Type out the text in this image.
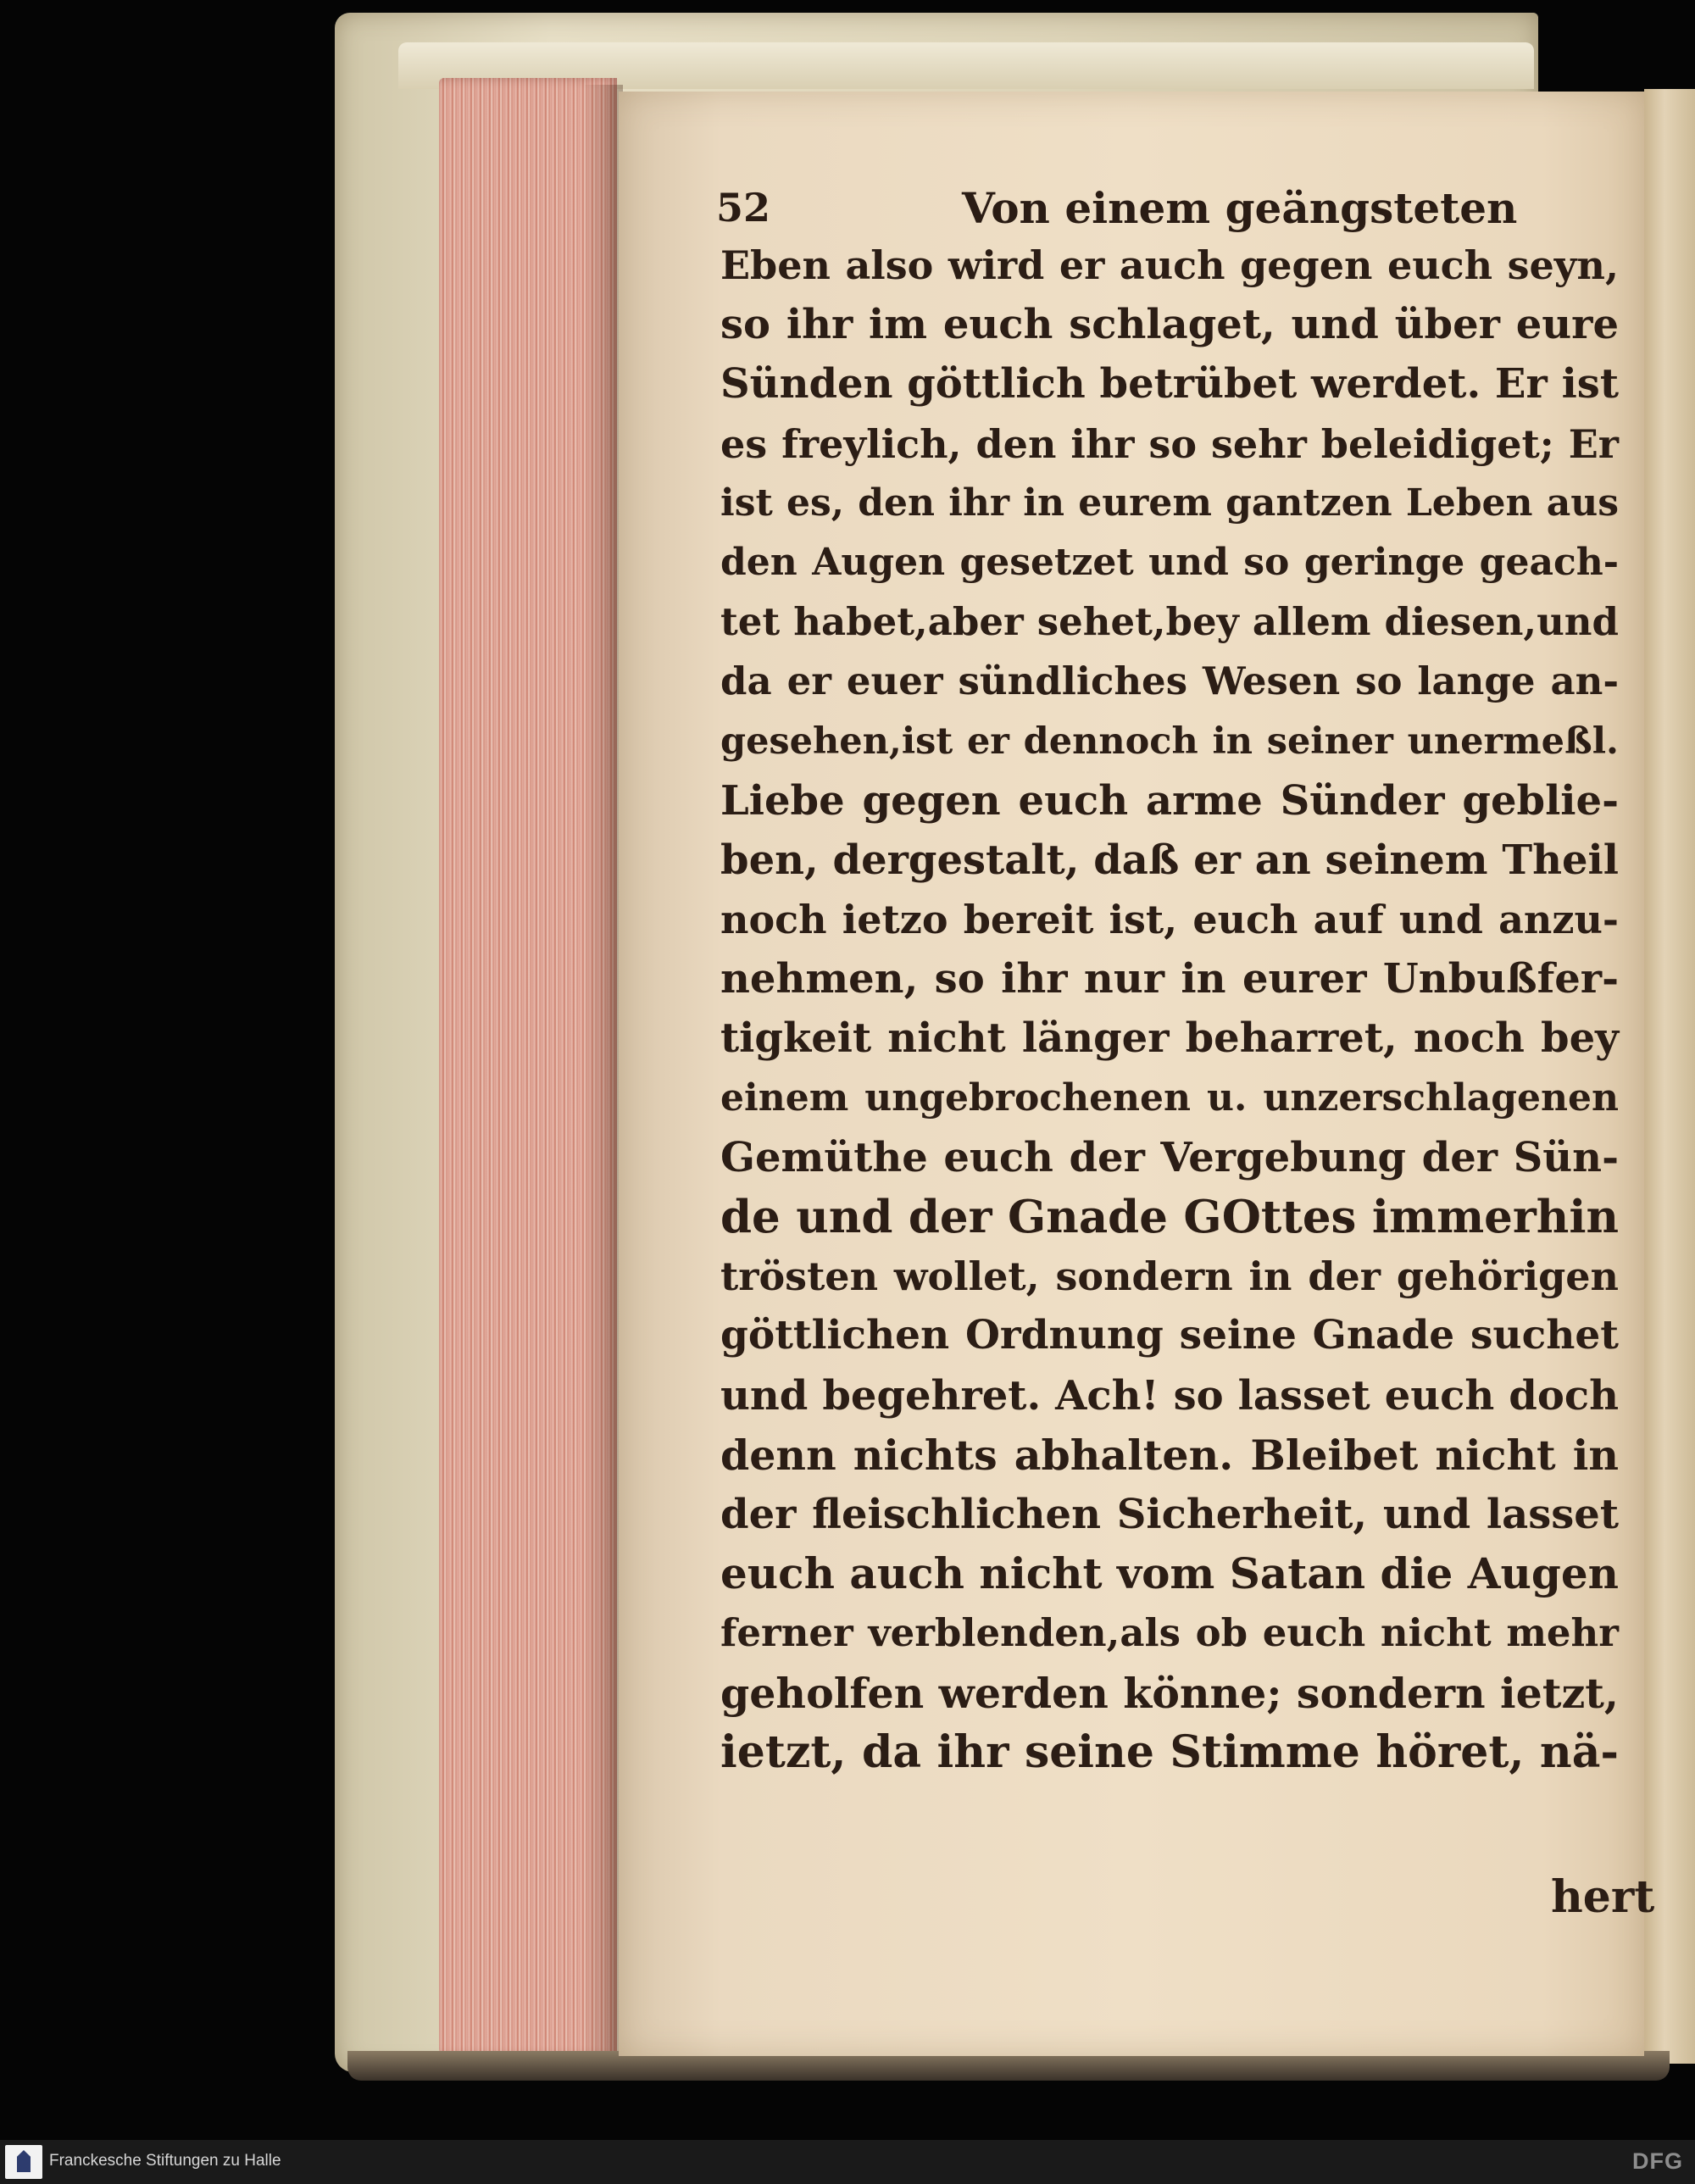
52	Von einem geängsteten
Eben also wird er auch gegen euch seyn,
so ihr im euch schlaget, und über eure
Sünden göttlich betrübet werdet. Er ist
es freylich, den ihr so sehr beleidiget; Er
ist es, den ihr in eurem gantzen Leben aus
den Augen gesetzet und so geringe geach-
tet habet,aber sehet,bey allem diesen,und
da er euer sündliches Wesen so lange an-
gesehen,ist er dennoch in seiner unermeßl.
Liebe gegen euch arme Sünder geblie-
ben, dergestalt, daß er an seinem Theil
noch ietzo bereit ist, euch auf und anzu-
nehmen, so ihr nur in eurer Unbußfer-
tigkeit nicht länger beharret, noch bey
einem ungebrochenen u. unzerschlagenen
Gemüthe euch der Vergebung der Sün-
de und der Gnade GOttes immerhin
trösten wollet, sondern in der gehörigen
göttlichen Ordnung seine Gnade suchet
und begehret. Ach! so lasset euch doch
denn nichts abhalten. Bleibet nicht in
der fleischlichen Sicherheit, und lasset
euch auch nicht vom Satan die Augen
ferner verblenden,als ob euch nicht mehr
geholfen werden könne; sondern ietzt,
ietzt, da ihr seine Stimme höret, nä-
hert
Franckesche Stiftungen zu Halle	DFG
